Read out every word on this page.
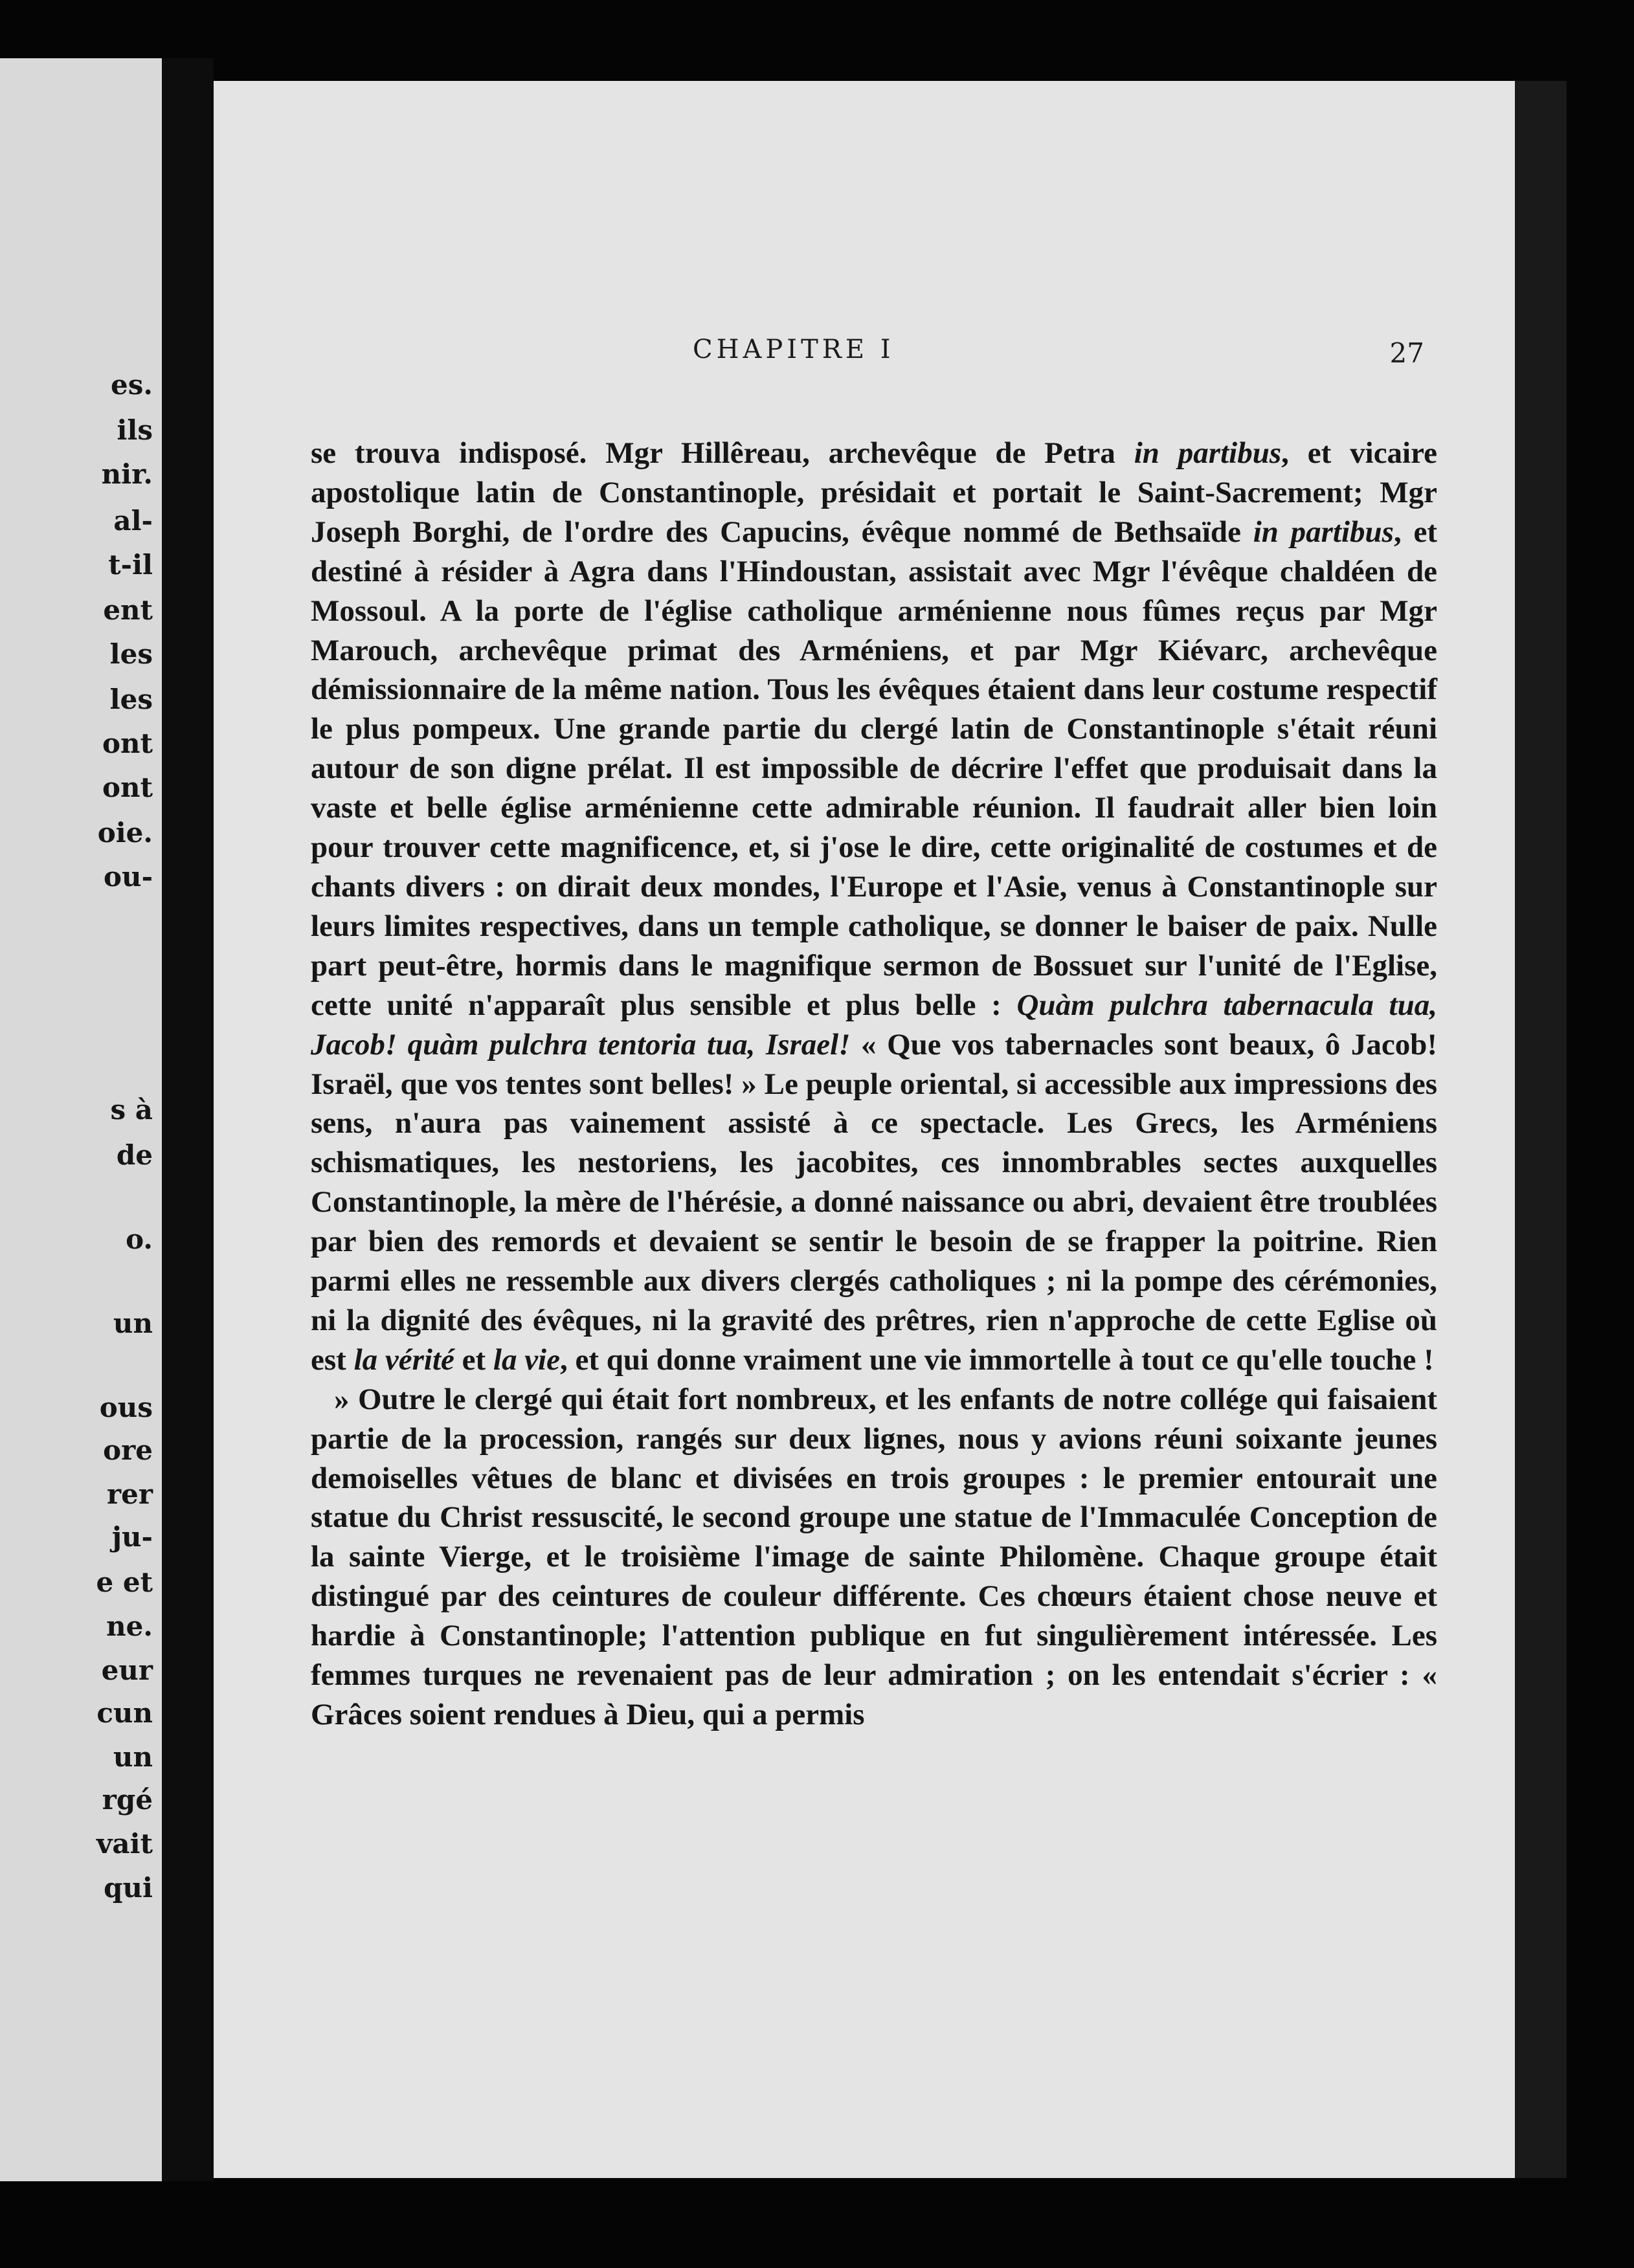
es.
ils
nir.
al-
t-il
ent
les
les
ont
ont
oie.
ou-
s à
de
o.
un
ous
ore
rer
ju-
e et
ne.
eur
cun
un
rgé
vait
qui
CHAPITRE I	27

se trouva indisposé. Mgr Hillêreau, archevêque de Petra in partibus, et vicaire apostolique latin de Constantinople, présidait et portait le Saint-Sacrement; Mgr Joseph Borghi, de l'ordre des Capucins, évêque nommé de Bethsaïde in partibus, et destiné à résider à Agra dans l'Hindoustan, assistait avec Mgr l'évêque chaldéen de Mossoul. A la porte de l'église catholique arménienne nous fûmes reçus par Mgr Marouch, archevêque primat des Arméniens, et par Mgr Kiévarc, archevêque démissionnaire de la même nation. Tous les évêques étaient dans leur costume respectif le plus pompeux. Une grande partie du clergé latin de Constantinople s'était réuni autour de son digne prélat. Il est impossible de décrire l'effet que produisait dans la vaste et belle église arménienne cette admirable réunion. Il faudrait aller bien loin pour trouver cette magnificence, et, si j'ose le dire, cette originalité de costumes et de chants divers : on dirait deux mondes, l'Europe et l'Asie, venus à Constantinople sur leurs limites respectives, dans un temple catholique, se donner le baiser de paix. Nulle part peut-être, hormis dans le magnifique sermon de Bossuet sur l'unité de l'Eglise, cette unité n'apparaît plus sensible et plus belle : Quàm pulchra tabernacula tua, Jacob! quàm pulchra tentoria tua, Israel! « Que vos tabernacles sont beaux, ô Jacob! Israël, que vos tentes sont belles! » Le peuple oriental, si accessible aux impressions des sens, n'aura pas vainement assisté à ce spectacle. Les Grecs, les Arméniens schismatiques, les nestoriens, les jacobites, ces innombrables sectes auxquelles Constantinople, la mère de l'hérésie, a donné naissance ou abri, devaient être troublées par bien des remords et devaient se sentir le besoin de se frapper la poitrine. Rien parmi elles ne ressemble aux divers clergés catholiques ; ni la pompe des cérémonies, ni la dignité des évêques, ni la gravité des prêtres, rien n'approche de cette Eglise où est la vérité et la vie, et qui donne vraiment une vie immortelle à tout ce qu'elle touche !

» Outre le clergé qui était fort nombreux, et les enfants de notre collége qui faisaient partie de la procession, rangés sur deux lignes, nous y avions réuni soixante jeunes demoiselles vêtues de blanc et divisées en trois groupes : le premier entourait une statue du Christ ressuscité, le second groupe une statue de l'Immaculée Conception de la sainte Vierge, et le troisième l'image de sainte Philomène. Chaque groupe était distingué par des ceintures de couleur différente. Ces chœurs étaient chose neuve et hardie à Constantinople; l'attention publique en fut singulièrement intéressée. Les femmes turques ne revenaient pas de leur admiration ; on les entendait s'écrier : « Grâces soient rendues à Dieu, qui a permis
